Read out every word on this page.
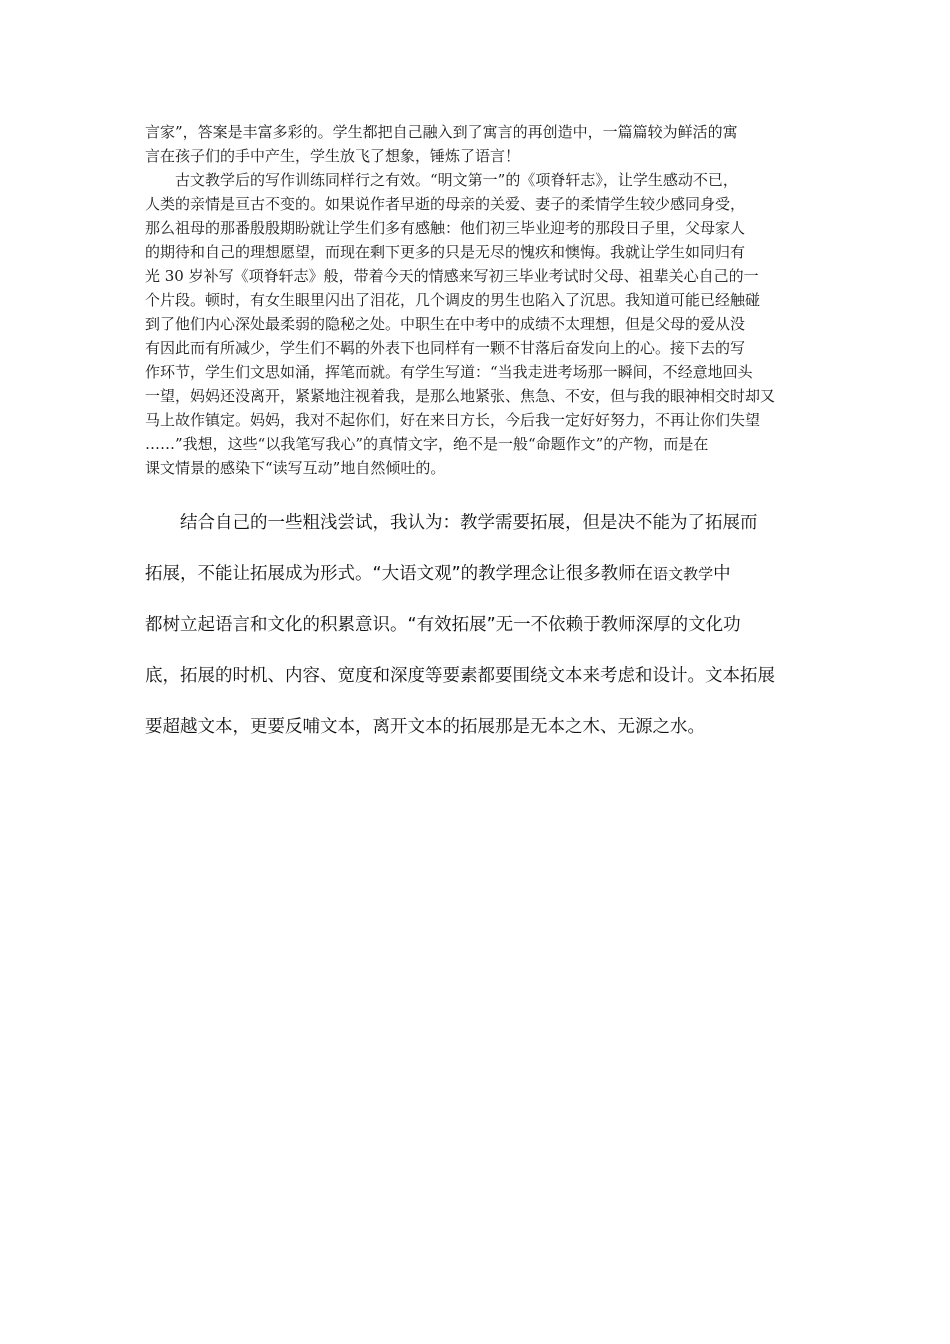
言家”，答案是丰富多彩的。学生都把自己融入到了寓言的再创造中，一篇篇较为鲜活的寓
言在孩子们的手中产生，学生放飞了想象，锤炼了语言！

古文教学后的写作训练同样行之有效。“明文第一”的《项脊轩志》，让学生感动不已，
人类的亲情是亘古不变的。如果说作者早逝的母亲的关爱、妻子的柔情学生较少感同身受，
那么祖母的那番殷殷期盼就让学生们多有感触：他们初三毕业迎考的那段日子里，父母家人
的期待和自己的理想愿望，而现在剩下更多的只是无尽的愧疚和懊悔。我就让学生如同归有
光 30 岁补写《项脊轩志》般，带着今天的情感来写初三毕业考试时父母、祖辈关心自己的一
个片段。顿时，有女生眼里闪出了泪花，几个调皮的男生也陷入了沉思。我知道可能已经触碰
到了他们内心深处最柔弱的隐秘之处。中职生在中考中的成绩不太理想，但是父母的爱从没
有因此而有所减少，学生们不羁的外表下也同样有一颗不甘落后奋发向上的心。接下去的写
作环节，学生们文思如涌，挥笔而就。有学生写道：“当我走进考场那一瞬间，不经意地回头
一望，妈妈还没离开，紧紧地注视着我，是那么地紧张、焦急、不安，但与我的眼神相交时却又
马上故作镇定。妈妈，我对不起你们，好在来日方长，今后我一定好好努力，不再让你们失望
……”我想，这些“以我笔写我心”的真情文字，绝不是一般“命题作文”的产物，而是在
课文情景的感染下“读写互动”地自然倾吐的。

结合自己的一些粗浅尝试，我认为：教学需要拓展，但是决不能为了拓展而
拓展，不能让拓展成为形式。“大语文观”的教学理念让很多教师在语文教学中
都树立起语言和文化的积累意识。“有效拓展”无一不依赖于教师深厚的文化功
底，拓展的时机、内容、宽度和深度等要素都要围绕文本来考虑和设计。文本拓展
要超越文本，更要反哺文本，离开文本的拓展那是无本之木、无源之水。
